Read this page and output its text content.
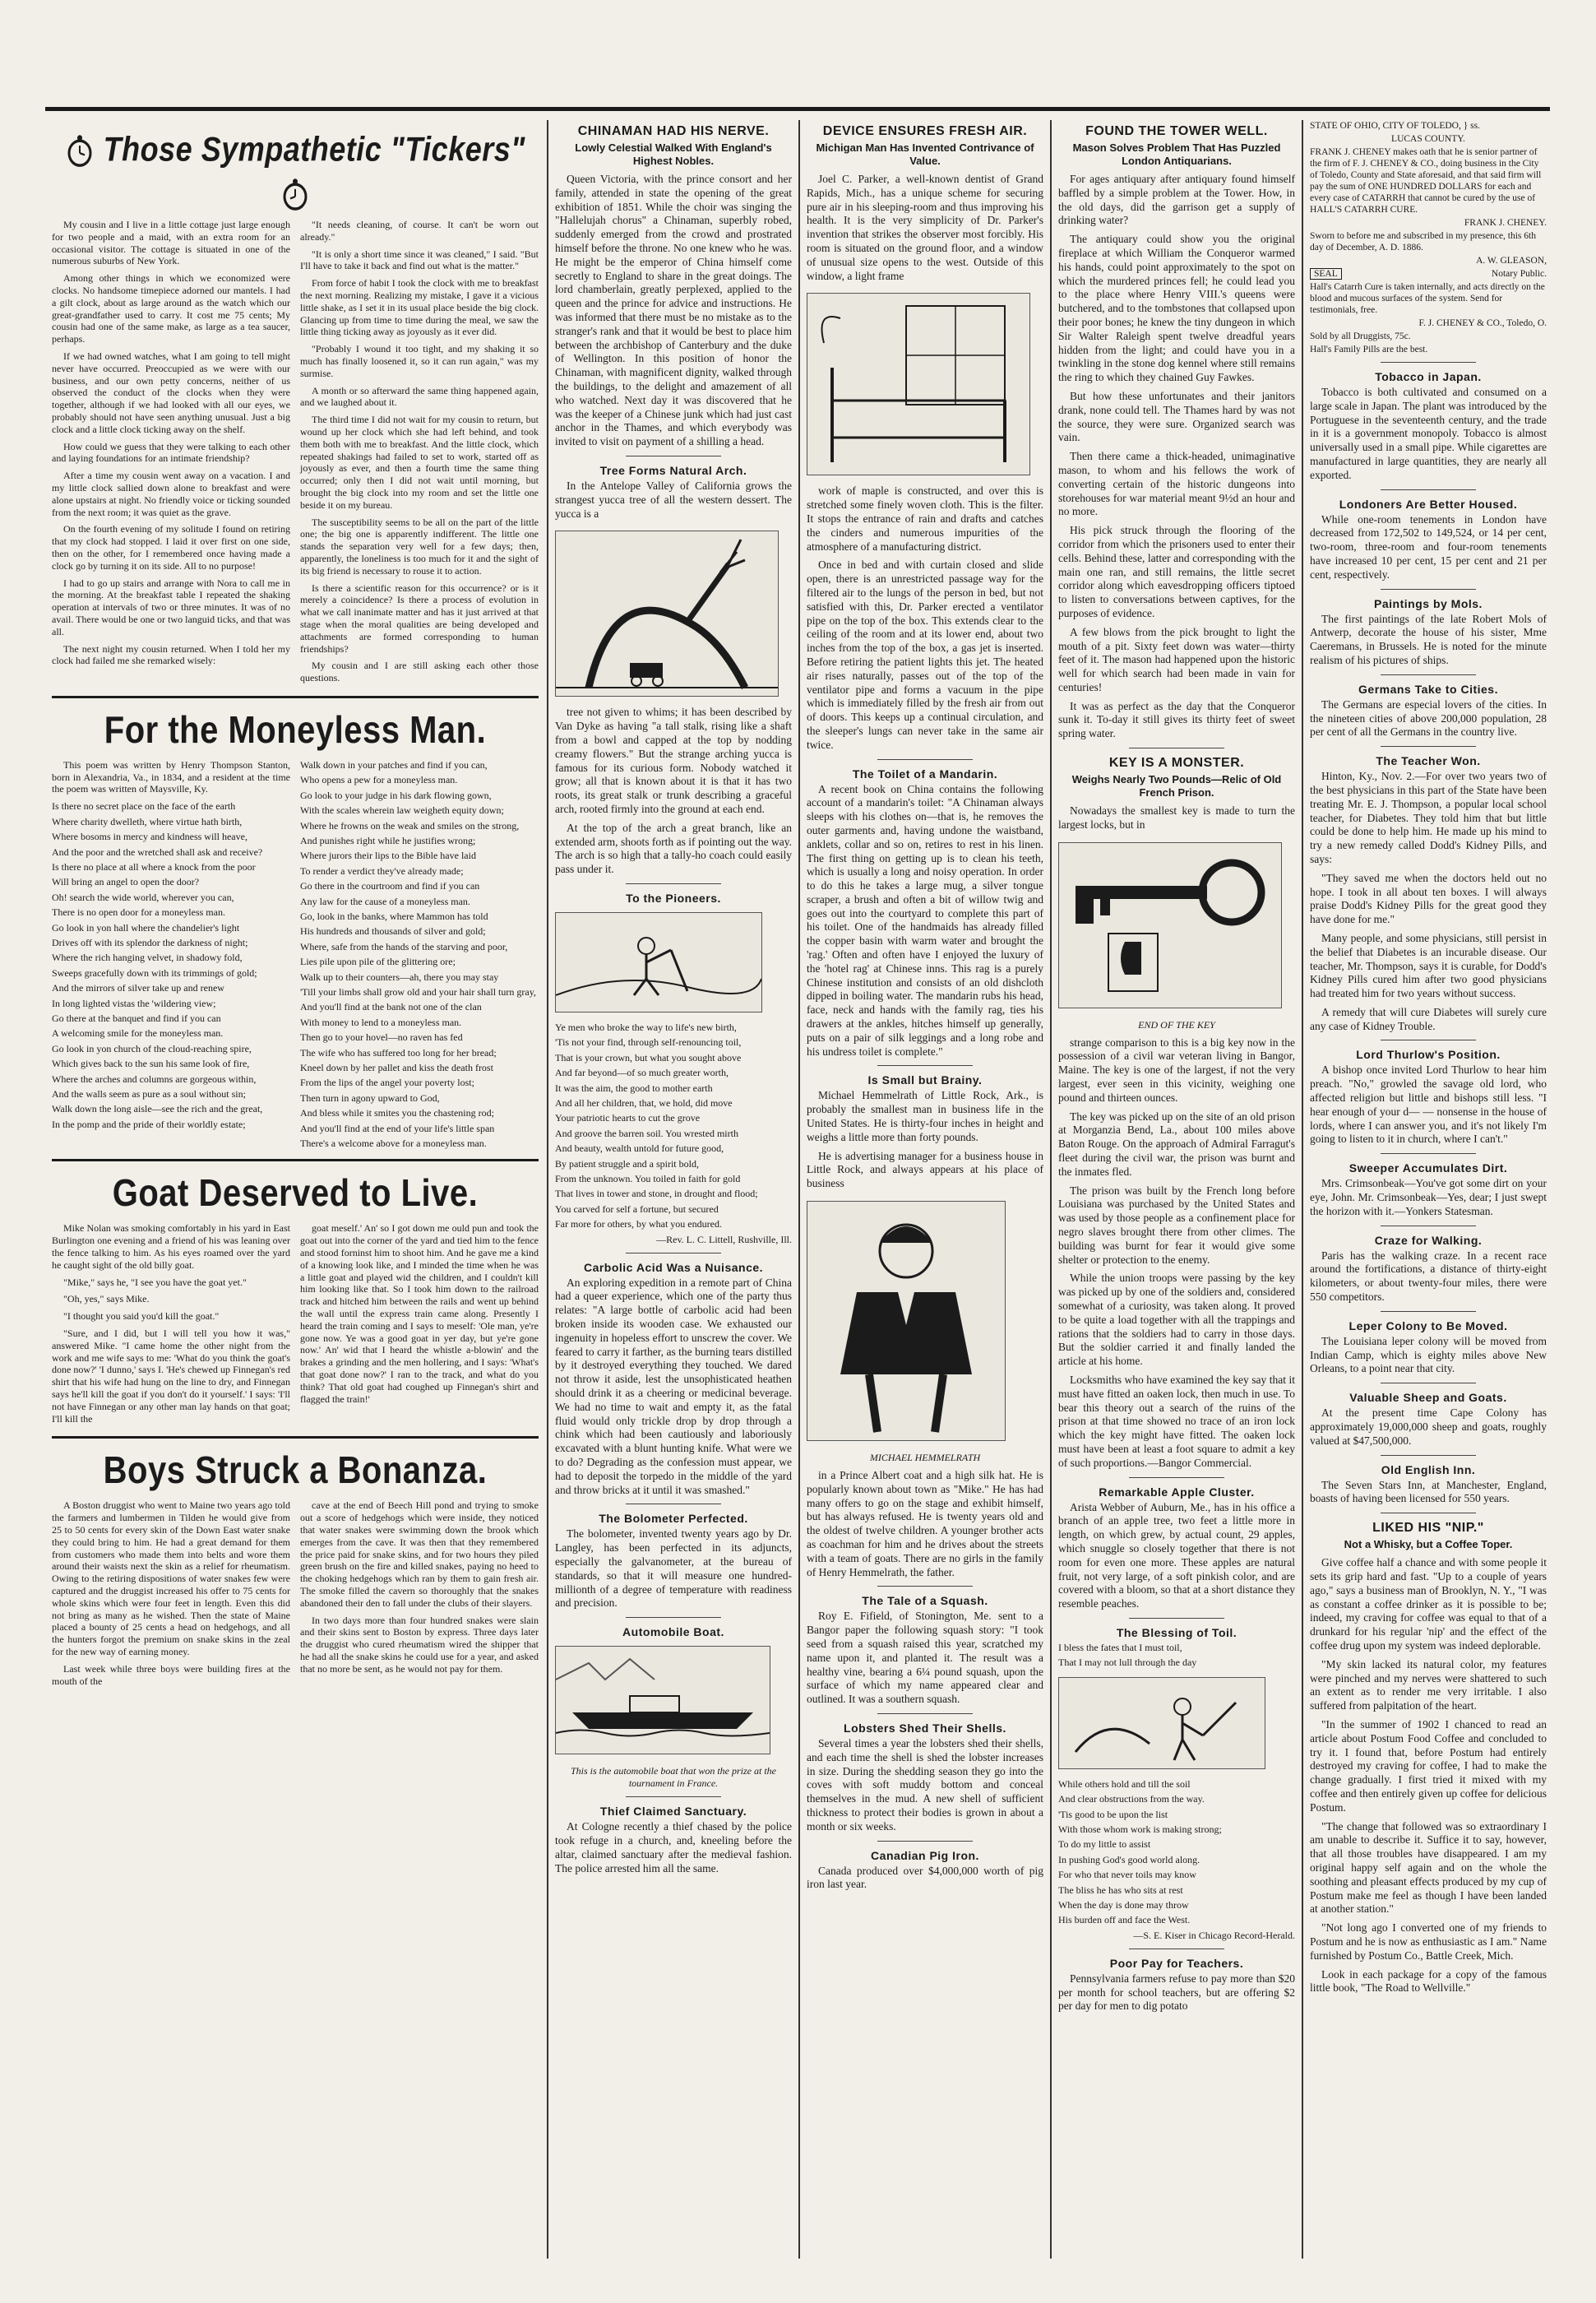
Those Sympathetic "Tickers"

My cousin and I live in a little cottage just large enough for two people and a maid, with an extra room for an occasional visitor. The cottage is situated in one of the numerous suburbs of New York.

Among other things in which we economized were clocks. No handsome timepiece adorned our mantels. I had a gilt clock, about as large around as the watch which our great-grandfather used to carry. It cost me 75 cents; My cousin had one of the same make, as large as a tea saucer, perhaps.

If we had owned watches, what I am going to tell might never have occurred. Preoccupied as we were with our business, and our own petty concerns, neither of us observed the conduct of the clocks when they were together, although if we had looked with all our eyes, we probably should not have seen anything unusual. Just a big clock and a little clock ticking away on the shelf.

How could we guess that they were talking to each other and laying foundations for an intimate friendship?

After a time my cousin went away on a vacation. I and my little clock sallied down alone to breakfast and were alone upstairs at night. No friendly voice or ticking sounded from the next room; it was quiet as the grave.

On the fourth evening of my solitude I found on retiring that my clock had stopped. I laid it over first on one side, then on the other, for I remembered once having made a clock go by turning it on its side. All to no purpose!

I had to go up stairs and arrange with Nora to call me in the morning. At the breakfast table I repeated the shaking operation at intervals of two or three minutes. It was of no avail. There would be one or two languid ticks, and that was all.

The next night my cousin returned. When I told her my clock had failed me she remarked wisely:

"It needs cleaning, of course. It can't be worn out already."

"It is only a short time since it was cleaned," I said. "But I'll have to take it back and find out what is the matter."

From force of habit I took the clock with me to breakfast the next morning. Realizing my mistake, I gave it a vicious little shake, as I set it in its usual place beside the big clock. Glancing up from time to time during the meal, we saw the little thing ticking away as joyously as it ever did.

"Probably I wound it too tight, and my shaking it so much has finally loosened it, so it can run again," was my surmise.

A month or so afterward the same thing happened again, and we laughed about it.

The third time I did not wait for my cousin to return, but wound up her clock which she had left behind, and took them both with me to breakfast. And the little clock, which repeated shakings had failed to set to work, started off as joyously as ever, and then a fourth time the same thing occurred; only then I did not wait until morning, but brought the big clock into my room and set the little one beside it on my bureau.

The susceptibility seems to be all on the part of the little one; the big one is apparently indifferent. The little one stands the separation very well for a few days; then, apparently, the loneliness is too much for it and the sight of its big friend is necessary to rouse it to action.

Is there a scientific reason for this occurrence? or is it merely a coincidence? Is there a process of evolution in what we call inanimate matter and has it just arrived at that stage when the moral qualities are being developed and attachments are formed corresponding to human friendships?

My cousin and I are still asking each other those questions.

For the Moneyless Man.

This poem was written by Henry Thompson Stanton, born in Alexandria, Va., in 1834, and a resident at the time the poem was written of Maysville, Ky.

Is there no secret place on the face of the earth

Where charity dwelleth, where virtue hath birth,

Where bosoms in mercy and kindness will heave,

And the poor and the wretched shall ask and receive?

Is there no place at all where a knock from the poor

Will bring an angel to open the door?

Oh! search the wide world, wherever you can,

There is no open door for a moneyless man.

Go look in yon hall where the chandelier's light

Drives off with its splendor the darkness of night;

Where the rich hanging velvet, in shadowy fold,

Sweeps gracefully down with its trimmings of gold;

And the mirrors of silver take up and renew

In long lighted vistas the 'wildering view;

Go there at the banquet and find if you can

A welcoming smile for the moneyless man.

Go look in yon church of the cloud-reaching spire,

Which gives back to the sun his same look of fire,

Where the arches and columns are gorgeous within,

And the walls seem as pure as a soul without sin;

Walk down the long aisle—see the rich and the great,

In the pomp and the pride of their worldly estate;

Walk down in your patches and find if you can,

Who opens a pew for a moneyless man.

Go look to your judge in his dark flowing gown,

With the scales wherein law weigheth equity down;

Where he frowns on the weak and smiles on the strong,

And punishes right while he justifies wrong;

Where jurors their lips to the Bible have laid

To render a verdict they've already made;

Go there in the courtroom and find if you can

Any law for the cause of a moneyless man.

Go, look in the banks, where Mammon has told

His hundreds and thousands of silver and gold;

Where, safe from the hands of the starving and poor,

Lies pile upon pile of the glittering ore;

Walk up to their counters—ah, there you may stay

'Till your limbs shall grow old and your hair shall turn gray,

And you'll find at the bank not one of the clan

With money to lend to a moneyless man.

Then go to your hovel—no raven has fed

The wife who has suffered too long for her bread;

Kneel down by her pallet and kiss the death frost

From the lips of the angel your poverty lost;

Then turn in agony upward to God,

And bless while it smites you the chastening rod;

And you'll find at the end of your life's little span

There's a welcome above for a moneyless man.

Goat Deserved to Live.

Mike Nolan was smoking comfortably in his yard in East Burlington one evening and a friend of his was leaning over the fence talking to him. As his eyes roamed over the yard he caught sight of the old billy goat.

"Mike," says he, "I see you have the goat yet."

"Oh, yes," says Mike.

"I thought you said you'd kill the goat."

"Sure, and I did, but I will tell you how it was," answered Mike. "I came home the other night from the work and me wife says to me: 'What do you think the goat's done now?' 'I dunno,' says I. 'He's chewed up Finnegan's red shirt that his wife had hung on the line to dry, and Finnegan says he'll kill the goat if you don't do it yourself.' I says: 'I'll not have Finnegan or any other man lay hands on that goat; I'll kill the

goat meself.' An' so I got down me ould pun and took the goat out into the corner of the yard and tied him to the fence and stood forninst him to shoot him. And he gave me a kind of a knowing look like, and I minded the time when he was a little goat and played wid the children, and I couldn't kill him looking like that. So I took him down to the railroad track and hitched him between the rails and went up behind the wall until the express train came along. Presently I heard the train coming and I says to meself: 'Ole man, ye're gone now. Ye was a good goat in yer day, but ye're gone now.' An' wid that I heard the whistle a-blowin' and the brakes a grinding and the men hollering, and I says: 'What's that goat done now?' I ran to the track, and what do you think? That old goat had coughed up Finnegan's shirt and flagged the train!'

Boys Struck a Bonanza.

A Boston druggist who went to Maine two years ago told the farmers and lumbermen in Tilden he would give from 25 to 50 cents for every skin of the Down East water snake they could bring to him. He had a great demand for them from customers who made them into belts and wore them around their waists next the skin as a relief for rheumatism. Owing to the retiring dispositions of water snakes few were captured and the druggist increased his offer to 75 cents for whole skins which were four feet in length. Even this did not bring as many as he wished. Then the state of Maine placed a bounty of 25 cents a head on hedgehogs, and all the hunters forgot the premium on snake skins in the zeal for the new way of earning money.

Last week while three boys were building fires at the mouth of the

cave at the end of Beech Hill pond and trying to smoke out a score of hedgehogs which were inside, they noticed that water snakes were swimming down the brook which emerges from the cave. It was then that they remembered the price paid for snake skins, and for two hours they piled green brush on the fire and killed snakes, paying no heed to the choking hedgehogs which ran by them to gain fresh air. The smoke filled the cavern so thoroughly that the snakes abandoned their den to fall under the clubs of their slayers.

In two days more than four hundred snakes were slain and their skins sent to Boston by express. Three days later the druggist who cured rheumatism wired the shipper that he had all the snake skins he could use for a year, and asked that no more be sent, as he would not pay for them.

CHINAMAN HAD HIS NERVE.
Lowly Celestial Walked With England's Highest Nobles.

Queen Victoria, with the prince consort and her family, attended in state the opening of the great exhibition of 1851. While the choir was singing the "Hallelujah chorus" a Chinaman, superbly robed, suddenly emerged from the crowd and prostrated himself before the throne. No one knew who he was. He might be the emperor of China himself come secretly to England to share in the great doings. The lord chamberlain, greatly perplexed, applied to the queen and the prince for advice and instructions. He was informed that there must be no mistake as to the stranger's rank and that it would be best to place him between the archbishop of Canterbury and the duke of Wellington. In this position of honor the Chinaman, with magnificent dignity, walked through the buildings, to the delight and amazement of all who watched. Next day it was discovered that he was the keeper of a Chinese junk which had just cast anchor in the Thames, and which everybody was invited to visit on payment of a shilling a head.

Tree Forms Natural Arch.

In the Antelope Valley of California grows the strangest yucca tree of all the western dessert. The yucca is a

tree not given to whims; it has been described by Van Dyke as having "a tall stalk, rising like a shaft from a bowl and capped at the top by nodding creamy flowers." But the strange arching yucca is famous for its curious form. Nobody watched it grow; all that is known about it is that it has two roots, its great stalk or trunk describing a graceful arch, rooted firmly into the ground at each end.

At the top of the arch a great branch, like an extended arm, shoots forth as if pointing out the way. The arch is so high that a tally-ho coach could easily pass under it.

To the Pioneers.

Ye men who broke the way to life's new birth,

'Tis not your find, through self-renouncing toil,

That is your crown, but what you sought above

And far beyond—of so much greater worth,

It was the aim, the good to mother earth

And all her children, that, we hold, did move

Your patriotic hearts to cut the grove

And groove the barren soil. You wrested mirth

And beauty, wealth untold for future good,

By patient struggle and a spirit bold,

From the unknown. You toiled in faith for gold

That lives in tower and stone, in drought and flood;

You carved for self a fortune, but secured

Far more for others, by what you endured.

—Rev. L. C. Littell, Rushville, Ill.

Carbolic Acid Was a Nuisance.

An exploring expedition in a remote part of China had a queer experience, which one of the party thus relates: "A large bottle of carbolic acid had been broken inside its wooden case. We exhausted our ingenuity in hopeless effort to unscrew the cover. We feared to carry it farther, as the burning tears distilled by it destroyed everything they touched. We dared not throw it aside, lest the unsophisticated heathen should drink it as a cheering or medicinal beverage. We had no time to wait and empty it, as the fatal fluid would only trickle drop by drop through a chink which had been cautiously and laboriously excavated with a blunt hunting knife. What were we to do? Degrading as the confession must appear, we had to deposit the torpedo in the middle of the yard and throw bricks at it until it was smashed."

The Bolometer Perfected.

The bolometer, invented twenty years ago by Dr. Langley, has been perfected in its adjuncts, especially the galvanometer, at the bureau of standards, so that it will measure one hundred-millionth of a degree of temperature with readiness and precision.

Automobile Boat.

This is the automobile boat that won the prize at the tournament in France.

Thief Claimed Sanctuary.

At Cologne recently a thief chased by the police took refuge in a church, and, kneeling before the altar, claimed sanctuary after the medieval fashion. The police arrested him all the same.

DEVICE ENSURES FRESH AIR.
Michigan Man Has Invented Contrivance of Value.

Joel C. Parker, a well-known dentist of Grand Rapids, Mich., has a unique scheme for securing pure air in his sleeping-room and thus improving his health. It is the very simplicity of Dr. Parker's invention that strikes the observer most forcibly. His room is situated on the ground floor, and a window of unusual size opens to the west. Outside of this window, a light frame

work of maple is constructed, and over this is stretched some finely woven cloth. This is the filter. It stops the entrance of rain and drafts and catches the cinders and numerous impurities of the atmosphere of a manufacturing district.

Once in bed and with curtain closed and slide open, there is an unrestricted passage way for the filtered air to the lungs of the person in bed, but not satisfied with this, Dr. Parker erected a ventilator pipe on the top of the box. This extends clear to the ceiling of the room and at its lower end, about two inches from the top of the box, a gas jet is inserted. Before retiring the patient lights this jet. The heated air rises naturally, passes out of the top of the ventilator pipe and forms a vacuum in the pipe which is immediately filled by the fresh air from out of doors. This keeps up a continual circulation, and the sleeper's lungs can never take in the same air twice.

The Toilet of a Mandarin.

A recent book on China contains the following account of a mandarin's toilet: "A Chinaman always sleeps with his clothes on—that is, he removes the outer garments and, having undone the waistband, anklets, collar and so on, retires to rest in his linen. The first thing on getting up is to clean his teeth, which is usually a long and noisy operation. In order to do this he takes a large mug, a silver tongue scraper, a brush and often a bit of willow twig and goes out into the courtyard to complete this part of his toilet. One of the handmaids has already filled the copper basin with warm water and brought the 'rag.' Often and often have I enjoyed the luxury of the 'hotel rag' at Chinese inns. This rag is a purely Chinese institution and consists of an old dishcloth dipped in boiling water. The mandarin rubs his head, face, neck and hands with the family rag, ties his drawers at the ankles, hitches himself up generally, puts on a pair of silk leggings and a long robe and his undress toilet is complete."

Is Small but Brainy.

Michael Hemmelrath of Little Rock, Ark., is probably the smallest man in business life in the United States. He is thirty-four inches in height and weighs a little more than forty pounds.

He is advertising manager for a business house in Little Rock, and always appears at his place of business

MICHAEL HEMMELRATH

in a Prince Albert coat and a high silk hat. He is popularly known about town as "Mike." He has had many offers to go on the stage and exhibit himself, but has always refused. He is twenty years old and the oldest of twelve children. A younger brother acts as coachman for him and he drives about the streets with a team of goats. There are no girls in the family of Henry Hemmelrath, the father.

The Tale of a Squash.

Roy E. Fifield, of Stonington, Me. sent to a Bangor paper the following squash story: "I took seed from a squash raised this year, scratched my name upon it, and planted it. The result was a healthy vine, bearing a 6¼ pound squash, upon the surface of which my name appeared clear and outlined. It was a southern squash.

Lobsters Shed Their Shells.

Several times a year the lobsters shed their shells, and each time the shell is shed the lobster increases in size. During the shedding season they go into the coves with soft muddy bottom and conceal themselves in the mud. A new shell of sufficient thickness to protect their bodies is grown in about a month or six weeks.

Canadian Pig Iron.

Canada produced over $4,000,000 worth of pig iron last year.

FOUND THE TOWER WELL.
Mason Solves Problem That Has Puzzled London Antiquarians.

For ages antiquary after antiquary found himself baffled by a simple problem at the Tower. How, in the old days, did the garrison get a supply of drinking water?

The antiquary could show you the original fireplace at which William the Conqueror warmed his hands, could point approximately to the spot on which the murdered princes fell; he could lead you to the place where Henry VIII.'s queens were butchered, and to the tombstones that collapsed upon their poor bones; he knew the tiny dungeon in which Sir Walter Raleigh spent twelve dreadful years hidden from the light; and could have you in a twinkling in the stone dog kennel where still remains the ring to which they chained Guy Fawkes.

But how these unfortunates and their janitors drank, none could tell. The Thames hard by was not the source, they were sure. Organized search was vain.

Then there came a thick-headed, unimaginative mason, to whom and his fellows the work of converting certain of the historic dungeons into storehouses for war material meant 9½d an hour and no more.

His pick struck through the flooring of the corridor from which the prisoners used to enter their cells. Behind these, latter and corresponding with the main one ran, and still remains, the little secret corridor along which eavesdropping officers tiptoed to listen to conversations between captives, for the purposes of evidence.

A few blows from the pick brought to light the mouth of a pit. Sixty feet down was water—thirty feet of it. The mason had happened upon the historic well for which search had been made in vain for centuries!

It was as perfect as the day that the Conqueror sunk it. To-day it still gives its thirty feet of sweet spring water.

KEY IS A MONSTER.
Weighs Nearly Two Pounds—Relic of Old French Prison.

Nowadays the smallest key is made to turn the largest locks, but in

END OF THE KEY

strange comparison to this is a big key now in the possession of a civil war veteran living in Bangor, Maine. The key is one of the largest, if not the very largest, ever seen in this vicinity, weighing one pound and thirteen ounces.

The key was picked up on the site of an old prison at Morganzia Bend, La., about 100 miles above Baton Rouge. On the approach of Admiral Farragut's fleet during the civil war, the prison was burnt and the inmates fled.

The prison was built by the French long before Louisiana was purchased by the United States and was used by those people as a confinement place for negro slaves brought there from other climes. The building was burnt for fear it would give some shelter or protection to the enemy.

While the union troops were passing by the key was picked up by one of the soldiers and, considered somewhat of a curiosity, was taken along. It proved to be quite a load together with all the trappings and rations that the soldiers had to carry in those days. But the soldier carried it and finally landed the article at his home.

Locksmiths who have examined the key say that it must have fitted an oaken lock, then much in use. To bear this theory out a search of the ruins of the prison at that time showed no trace of an iron lock which the key might have fitted. The oaken lock must have been at least a foot square to admit a key of such proportions.—Bangor Commercial.

Remarkable Apple Cluster.

Arista Webber of Auburn, Me., has in his office a branch of an apple tree, two feet a little more in length, on which grew, by actual count, 29 apples, which snuggle so closely together that there is not room for even one more. These apples are natural fruit, not very large, of a soft pinkish color, and are covered with a bloom, so that at a short distance they resemble peaches.

The Blessing of Toil.

I bless the fates that I must toil,

That I may not lull through the day

While others hold and till the soil

And clear obstructions from the way.

'Tis good to be upon the list

With those whom work is making strong;

To do my little to assist

In pushing God's good world along.

For who that never toils may know

The bliss he has who sits at rest

When the day is done may throw

His burden off and face the West.

—S. E. Kiser in Chicago Record-Herald.

Poor Pay for Teachers.

Pennsylvania farmers refuse to pay more than $20 per month for school teachers, but are offering $2 per day for men to dig potato

STATE OF OHIO, CITY OF TOLEDO, } ss.

LUCAS COUNTY.

FRANK J. CHENEY makes oath that he is senior partner of the firm of F. J. CHENEY & CO., doing business in the City of Toledo, County and State aforesaid, and that said firm will pay the sum of ONE HUNDRED DOLLARS for each and every case of CATARRH that cannot be cured by the use of HALL'S CATARRH CURE.

FRANK J. CHENEY.

Sworn to before me and subscribed in my presence, this 6th day of December, A. D. 1886.

A. W. GLEASON,

SEAL	Notary Public.

Hall's Catarrh Cure is taken internally, and acts directly on the blood and mucous surfaces of the system. Send for testimonials, free.

F. J. CHENEY & CO., Toledo, O.

Sold by all Druggists, 75c.

Hall's Family Pills are the best.

Tobacco in Japan.

Tobacco is both cultivated and consumed on a large scale in Japan. The plant was introduced by the Portuguese in the seventeenth century, and the trade in it is a government monopoly. Tobacco is almost universally used in a small pipe. While cigarettes are manufactured in large quantities, they are nearly all exported.

Londoners Are Better Housed.

While one-room tenements in London have decreased from 172,502 to 149,524, or 14 per cent, two-room, three-room and four-room tenements have increased 10 per cent, 15 per cent and 21 per cent, respectively.

Paintings by Mols.

The first paintings of the late Robert Mols of Antwerp, decorate the house of his sister, Mme Caeremans, in Brussels. He is noted for the minute realism of his pictures of ships.

Germans Take to Cities.

The Germans are especial lovers of the cities. In the nineteen cities of above 200,000 population, 28 per cent of all the Germans in the country live.

The Teacher Won.

Hinton, Ky., Nov. 2.—For over two years two of the best physicians in this part of the State have been treating Mr. E. J. Thompson, a popular local school teacher, for Diabetes. They told him that but little could be done to help him. He made up his mind to try a new remedy called Dodd's Kidney Pills, and says:

"They saved me when the doctors held out no hope. I took in all about ten boxes. I will always praise Dodd's Kidney Pills for the great good they have done for me."

Many people, and some physicians, still persist in the belief that Diabetes is an incurable disease. Our teacher, Mr. Thompson, says it is curable, for Dodd's Kidney Pills cured him after two good physicians had treated him for two years without success.

A remedy that will cure Diabetes will surely cure any case of Kidney Trouble.

Lord Thurlow's Position.

A bishop once invited Lord Thurlow to hear him preach. "No," growled the savage old lord, who affected religion but little and bishops still less. "I hear enough of your d— — nonsense in the house of lords, where I can answer you, and it's not likely I'm going to listen to it in church, where I can't."

Sweeper Accumulates Dirt.

Mrs. Crimsonbeak—You've got some dirt on your eye, John. Mr. Crimsonbeak—Yes, dear; I just swept the horizon with it.—Yonkers Statesman.

Craze for Walking.

Paris has the walking craze. In a recent race around the fortifications, a distance of thirty-eight kilometers, or about twenty-four miles, there were 550 competitors.

Leper Colony to Be Moved.

The Louisiana leper colony will be moved from Indian Camp, which is eighty miles above New Orleans, to a point near that city.

Valuable Sheep and Goats.

At the present time Cape Colony has approximately 19,000,000 sheep and goats, roughly valued at $47,500,000.

Old English Inn.

The Seven Stars Inn, at Manchester, England, boasts of having been licensed for 550 years.

LIKED HIS "NIP."
Not a Whisky, but a Coffee Toper.

Give coffee half a chance and with some people it sets its grip hard and fast. "Up to a couple of years ago," says a business man of Brooklyn, N. Y., "I was as constant a coffee drinker as it is possible to be; indeed, my craving for coffee was equal to that of a drunkard for his regular 'nip' and the effect of the coffee drug upon my system was indeed deplorable.

"My skin lacked its natural color, my features were pinched and my nerves were shattered to such an extent as to render me very irritable. I also suffered from palpitation of the heart.

"In the summer of 1902 I chanced to read an article about Postum Food Coffee and concluded to try it. I found that, before Postum had entirely destroyed my craving for coffee, I had to make the change gradually. I first tried it mixed with my coffee and then entirely given up coffee for delicious Postum.

"The change that followed was so extraordinary I am unable to describe it. Suffice it to say, however, that all those troubles have disappeared. I am my original happy self again and on the whole the soothing and pleasant effects produced by my cup of Postum make me feel as though I have been landed at another station."

"Not long ago I converted one of my friends to Postum and he is now as enthusiastic as I am." Name furnished by Postum Co., Battle Creek, Mich.

Look in each package for a copy of the famous little book, "The Road to Wellville."
